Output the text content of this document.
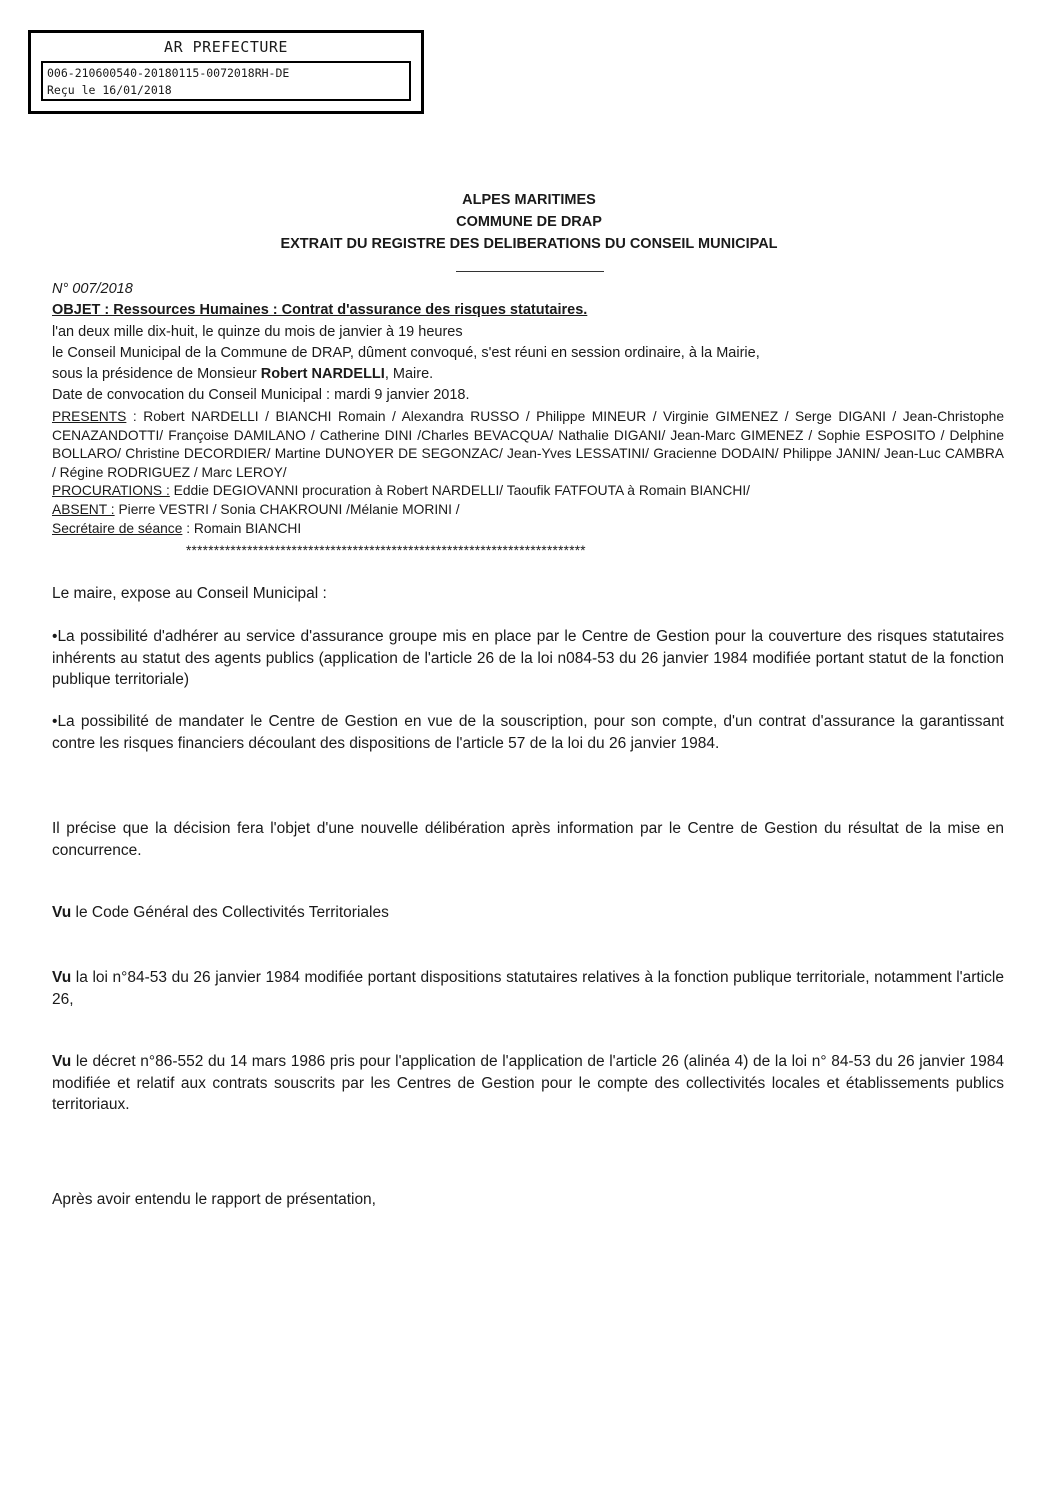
AR PREFECTURE
006-210600540-20180115-0072018RH-DE
Reçu le 16/01/2018
ALPES MARITIMES
COMMUNE DE DRAP
EXTRAIT DU REGISTRE DES DELIBERATIONS DU CONSEIL MUNICIPAL
N° 007/2018
OBJET : Ressources Humaines : Contrat d'assurance des risques statutaires.

l'an deux mille dix-huit, le quinze du mois de janvier à 19 heures

le Conseil Municipal de la Commune de DRAP, dûment convoqué, s'est réuni en session ordinaire, à la Mairie,

sous la présidence de Monsieur Robert NARDELLI, Maire.

Date de convocation du Conseil Municipal : mardi 9 janvier 2018.

PRESENTS : Robert NARDELLI / BIANCHI Romain / Alexandra RUSSO / Philippe MINEUR / Virginie GIMENEZ / Serge DIGANI / Jean-Christophe CENAZANDOTTI/ Françoise DAMILANO / Catherine DINI /Charles BEVACQUA/ Nathalie DIGANI/ Jean-Marc GIMENEZ / Sophie ESPOSITO / Delphine BOLLARO/ Christine DECORDIER/ Martine DUNOYER DE SEGONZAC/ Jean-Yves LESSATINI/ Gracienne DODAIN/ Philippe JANIN/ Jean-Luc CAMBRA / Régine RODRIGUEZ / Marc LEROY/

PROCURATIONS : Eddie DEGIOVANNI procuration à Robert NARDELLI/ Taoufik FATFOUTA à Romain BIANCHI/

ABSENT : Pierre VESTRI / Sonia CHAKROUNI /Mélanie MORINI /

Secrétaire de séance : Romain BIANCHI

************************************************************************
Le maire, expose au Conseil Municipal :

•La possibilité d'adhérer au service d'assurance groupe mis en place par le Centre de Gestion pour la couverture des risques statutaires inhérents au statut des agents publics (application de l'article 26 de la loi n084-53 du 26 janvier 1984 modifiée portant statut de la fonction publique territoriale)

•La possibilité de mandater le Centre de Gestion en vue de la souscription, pour son compte, d'un contrat d'assurance la garantissant contre les risques financiers découlant des dispositions de l'article 57 de la loi du 26 janvier 1984.

Il précise que la décision fera l'objet d'une nouvelle délibération après information par le Centre de Gestion du résultat de la mise en concurrence.
Vu le Code Général des Collectivités Territoriales
Vu la loi n°84-53 du 26 janvier 1984 modifiée portant dispositions statutaires relatives à la fonction publique territoriale, notamment l'article 26,
Vu le décret n°86-552 du 14 mars 1986 pris pour l'application de l'application de l'article 26 (alinéa 4) de la loi n° 84-53 du 26 janvier 1984 modifiée et relatif aux contrats souscrits par les Centres de Gestion pour le compte des collectivités locales et établissements publics territoriaux.
Après avoir entendu le rapport de présentation,
